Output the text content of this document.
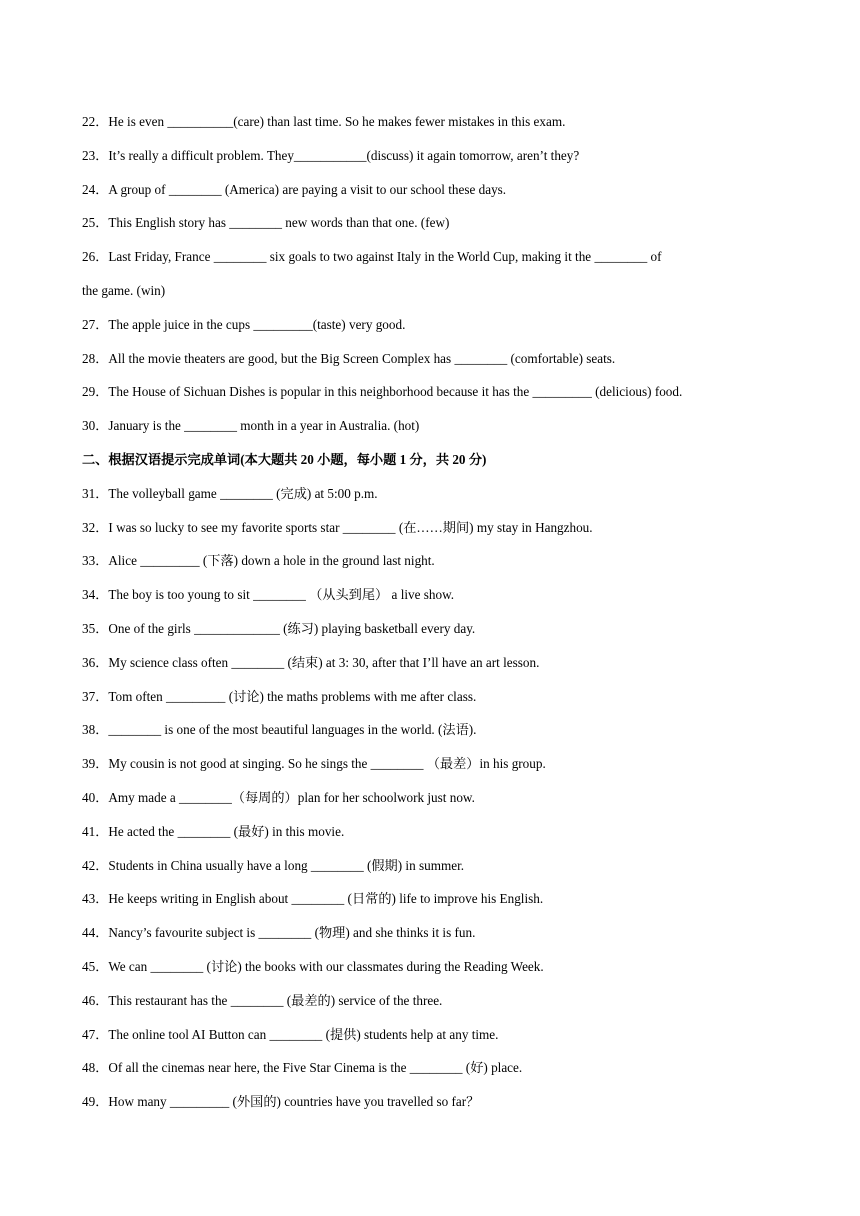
22．He is even __________(care) than last time. So he makes fewer mistakes in this exam.
23．It’s really a difficult problem. They___________(discuss) it again tomorrow, aren’t they?
24．A group of ________ (America) are paying a visit to our school these days.
25．This English story has ________ new words than that one. (few)
26．Last Friday, France ________ six goals to two against Italy in the World Cup, making it the ________ of
the game. (win)
27．The apple juice in the cups _________(taste) very good.
28．All the movie theaters are good, but the Big Screen Complex has ________ (comfortable) seats.
29．The House of Sichuan Dishes is popular in this neighborhood because it has the _________ (delicious) food.
30．January is the ________ month in a year in Australia. (hot)
二、根据汉语提示完成单词(本大题共 20 小题，每小题 1 分，共 20 分)
31．The volleyball game ________ (完成) at 5:00 p.m.
32．I was so lucky to see my favorite sports star ________ (在……期间) my stay in Hangzhou.
33．Alice _________ (下落) down a hole in the ground last night.
34．The boy is too young to sit ________ （从头到尾） a live show.
35．One of the girls _____________ (练习) playing basketball every day.
36．My science class often ________ (结束) at 3: 30, after that I’ll have an art lesson.
37．Tom often _________ (讨论) the maths problems with me after class.
38．________ is one of the most beautiful languages in the world. (法语).
39．My cousin is not good at singing. So he sings the ________ （最差）in his group.
40．Amy made a ________（每周的）plan for her schoolwork just now.
41．He acted the ________ (最好) in this movie.
42．Students in China usually have a long ________ (假期) in summer.
43．He keeps writing in English about ________ (日常的) life to improve his English.
44．Nancy’s favourite subject is ________ (物理) and she thinks it is fun.
45．We can ________ (讨论) the books with our classmates during the Reading Week.
46．This restaurant has the ________ (最差的) service of the three.
47．The online tool AI Button can ________ (提供) students help at any time.
48．Of all the cinemas near here, the Five Star Cinema is the ________ (好) place.
49．How many _________ (外国的) countries have you travelled so far？
